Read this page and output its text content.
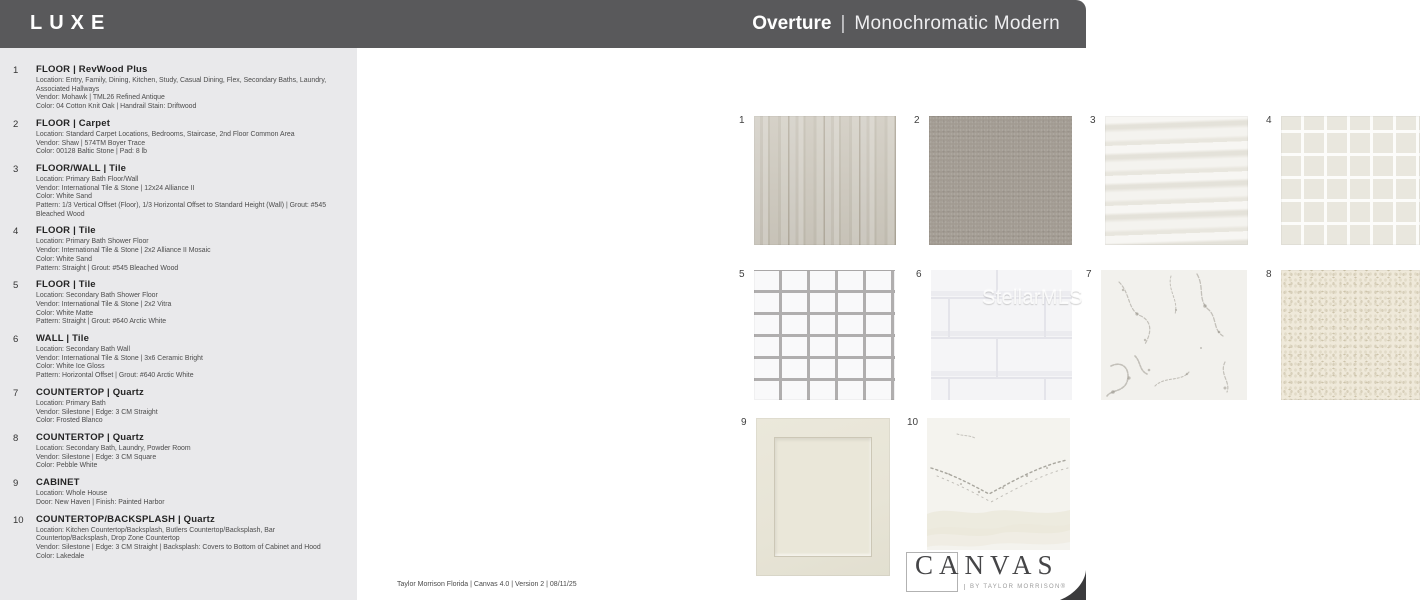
LUXE	Overture | Monochromatic Modern
1	FLOOR | RevWood Plus
Location: Entry, Family, Dining, Kitchen, Study, Casual Dining, Flex, Secondary Baths, Laundry, Associated Hallways
Vendor: Mohawk | TML26 Refined Antique
Color: 04 Cotton Knit Oak | Handrail Stain: Driftwood
2	FLOOR | Carpet
Location: Standard Carpet Locations, Bedrooms, Staircase, 2nd Floor Common Area
Vendor: Shaw | 574TM Boyer Trace
Color: 00128 Baltic Stone | Pad: 8 lb
3	FLOOR/WALL | Tile
Location: Primary Bath Floor/Wall
Vendor: International Tile & Stone | 12x24 Alliance II
Color: White Sand
Pattern: 1/3 Vertical Offset (Floor), 1/3 Horizontal Offset to Standard Height (Wall) | Grout: #545 Bleached Wood
4	FLOOR | Tile
Location: Primary Bath Shower Floor
Vendor: International Tile & Stone | 2x2 Alliance II Mosaic
Color: White Sand
Pattern: Straight | Grout: #545 Bleached Wood
5	FLOOR | Tile
Location: Secondary Bath Shower Floor
Vendor: International Tile & Stone | 2x2 Vitra
Color: White Matte
Pattern: Straight | Grout: #640 Arctic White
6	WALL | Tile
Location: Secondary Bath Wall
Vendor: International Tile & Stone | 3x6 Ceramic Bright
Color: White Ice Gloss
Pattern: Horizontal Offset | Grout: #640 Arctic White
7	COUNTERTOP | Quartz
Location: Primary Bath
Vendor: Silestone | Edge: 3 CM Straight
Color: Frosted Blanco
8	COUNTERTOP | Quartz
Location: Secondary Bath, Laundry, Powder Room
Vendor: Silestone | Edge: 3 CM Square
Color: Pebble White
9	CABINET
Location: Whole House
Door: New Haven | Finish: Painted Harbor
10	COUNTERTOP/BACKSPLASH | Quartz
Location: Kitchen Countertop/Backsplash, Butlers Countertop/Backsplash, Bar Countertop/Backsplash, Drop Zone Countertop
Vendor: Silestone | Edge: 3 CM Straight | Backsplash: Covers to Bottom of Cabinet and Hood
Color: Lakedale
1	2	3	4
5	6	7	8
9	10
Taylor Morrison Florida | Canvas 4.0 | Version 2 | 08/11/25
CANVAS
BY TAYLOR MORRISON®
StellarMLS
